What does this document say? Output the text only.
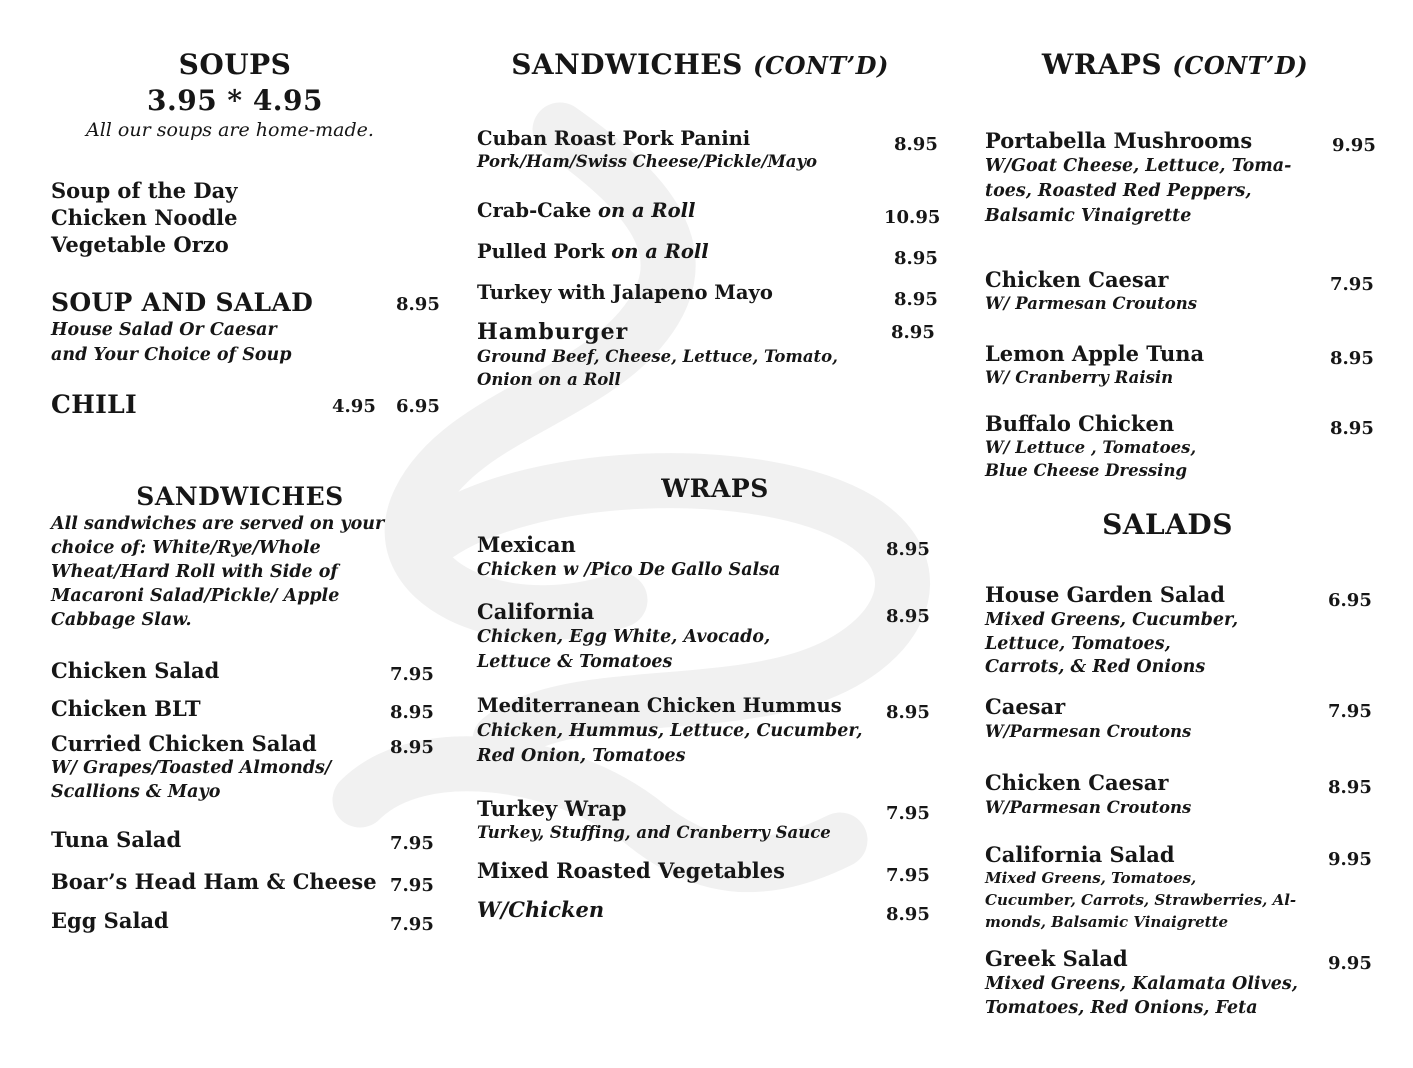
SOUPS
3.95 * 4.95
All our soups are home-made.
Soup of the Day
Chicken Noodle
Vegetable Orzo
SOUP AND SALAD	8.95
House Salad Or Caesar
and Your Choice of Soup
CHILI	4.95 6.95
SANDWICHES
All sandwiches are served on your choice of: White/Rye/Whole Wheat/Hard Roll with Side of Macaroni Salad/Pickle/ Apple Cabbage Slaw.
Chicken Salad	7.95
Chicken BLT	8.95
Curried Chicken Salad	8.95
W/ Grapes/Toasted Almonds/
Scallions & Mayo
Tuna Salad	7.95
Boar’s Head Ham & Cheese 7.95
Egg Salad	7.95
SANDWICHES (CONT’D)
Cuban Roast Pork Panini	8.95
Pork/Ham/Swiss Cheese/Pickle/Mayo
Crab-Cake on a Roll	10.95
Pulled Pork on a Roll	8.95
Turkey with Jalapeno Mayo	8.95
Hamburger	8.95
Ground Beef, Cheese, Lettuce, Tomato,
Onion on a Roll
WRAPS
Mexican	8.95
Chicken w /Pico De Gallo Salsa
California	8.95
Chicken, Egg White, Avocado,
Lettuce & Tomatoes
Mediterranean Chicken Hummus 8.95
Chicken, Hummus, Lettuce, Cucumber,
Red Onion, Tomatoes
Turkey Wrap	7.95
Turkey, Stuffing, and Cranberry Sauce
Mixed Roasted Vegetables	7.95
W/Chicken	8.95
WRAPS (CONT’D)
Portabella Mushrooms	9.95
W/Goat Cheese, Lettuce, Toma-
toes, Roasted Red Peppers,
Balsamic Vinaigrette
Chicken Caesar	7.95
W/ Parmesan Croutons
Lemon Apple Tuna	8.95
W/ Cranberry Raisin
Buffalo Chicken	8.95
W/ Lettuce , Tomatoes,
Blue Cheese Dressing
SALADS
House Garden Salad	6.95
Mixed Greens, Cucumber,
Lettuce, Tomatoes,
Carrots, & Red Onions
Caesar	7.95
W/Parmesan Croutons
Chicken Caesar	8.95
W/Parmesan Croutons
California Salad	9.95
Mixed Greens, Tomatoes,
Cucumber, Carrots, Strawberries, Al-
monds, Balsamic Vinaigrette
Greek Salad	9.95
Mixed Greens, Kalamata Olives,
Tomatoes, Red Onions, Feta
